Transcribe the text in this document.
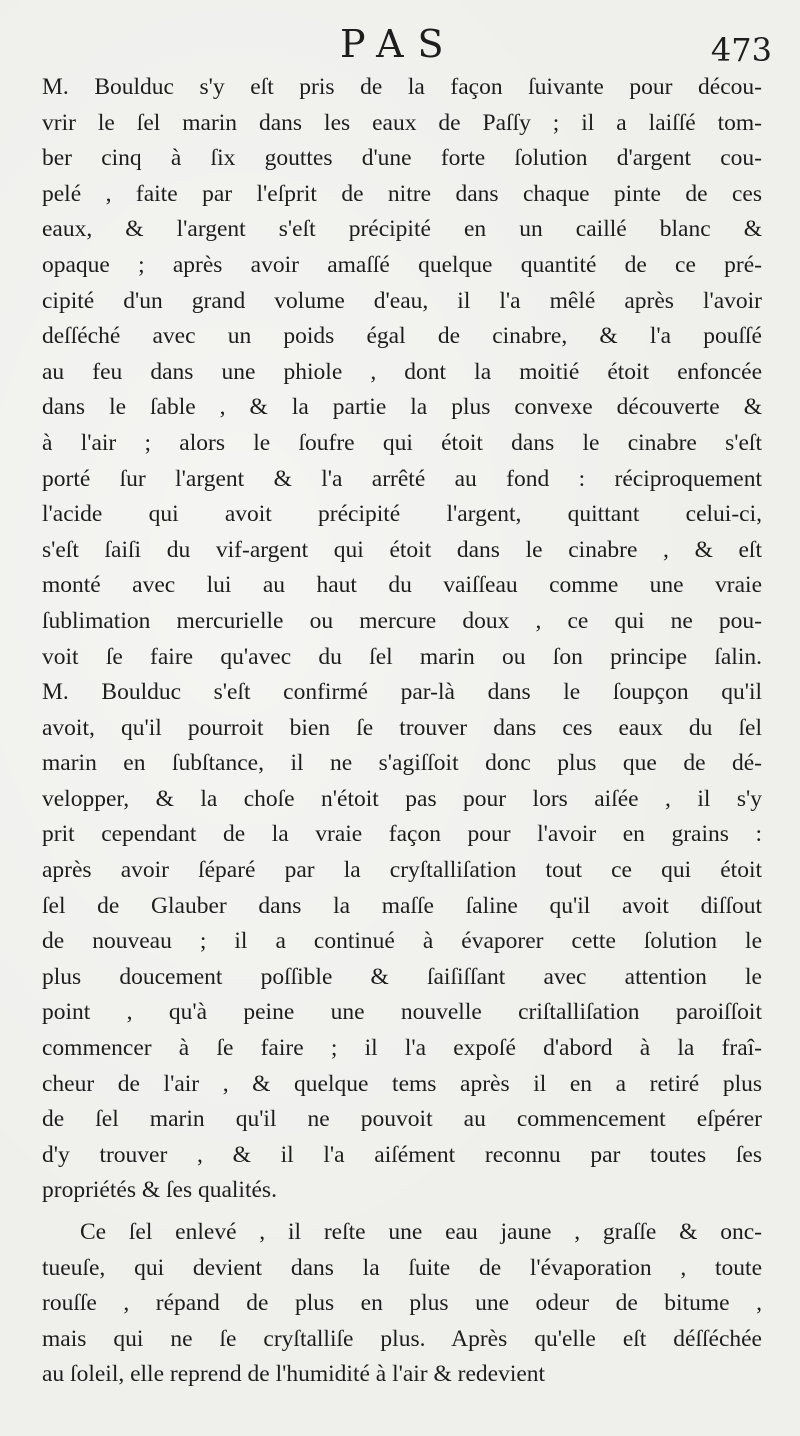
PAS	473
M. Boulduc s'y eſt pris de la façon ſuivante pour décou-
vrir le ſel marin dans les eaux de Paſſy ; il a laiſſé tom-
ber cinq à ſix gouttes d'une forte ſolution d'argent cou-
pelé , faite par l'eſprit de nitre dans chaque pinte de ces
eaux, & l'argent s'eſt précipité en un caillé blanc &
opaque ; après avoir amaſſé quelque quantité de ce pré-
cipité d'un grand volume d'eau, il l'a mêlé après l'avoir
deſſéché avec un poids égal de cinabre, & l'a pouſſé
au feu dans une phiole , dont la moitié étoit enfoncée
dans le ſable , & la partie la plus convexe découverte &
à l'air ; alors le ſoufre qui étoit dans le cinabre s'eſt
porté ſur l'argent & l'a arrêté au fond : réciproquement
l'acide qui avoit précipité l'argent, quittant celui-ci,
s'eſt ſaiſi du vif-argent qui étoit dans le cinabre , & eſt
monté avec lui au haut du vaiſſeau comme une vraie
ſublimation mercurielle ou mercure doux , ce qui ne pou-
voit ſe faire qu'avec du ſel marin ou ſon principe ſalin.
M. Boulduc s'eſt confirmé par-là dans le ſoupçon qu'il
avoit, qu'il pourroit bien ſe trouver dans ces eaux du ſel
marin en ſubſtance, il ne s'agiſſoit donc plus que de dé-
velopper, & la choſe n'étoit pas pour lors aiſée , il s'y
prit cependant de la vraie façon pour l'avoir en grains :
après avoir ſéparé par la cryſtalliſation tout ce qui étoit
ſel de Glauber dans la maſſe ſaline qu'il avoit diſſout
de nouveau ; il a continué à évaporer cette ſolution le
plus doucement poſſible & ſaiſiſſant avec attention le
point , qu'à peine une nouvelle criſtalliſation paroiſſoit
commencer à ſe faire ; il l'a expoſé d'abord à la fraî-
cheur de l'air , & quelque tems après il en a retiré plus
de ſel marin qu'il ne pouvoit au commencement eſpérer
d'y trouver , & il l'a aiſément reconnu par toutes ſes
propriétés & ſes qualités.
Ce ſel enlevé , il reſte une eau jaune , graſſe & onc-
tueuſe, qui devient dans la ſuite de l'évaporation , toute
rouſſe , répand de plus en plus une odeur de bitume ,
mais qui ne ſe cryſtalliſe plus. Après qu'elle eſt déſſéchée
au ſoleil, elle reprend de l'humidité à l'air & redevient
